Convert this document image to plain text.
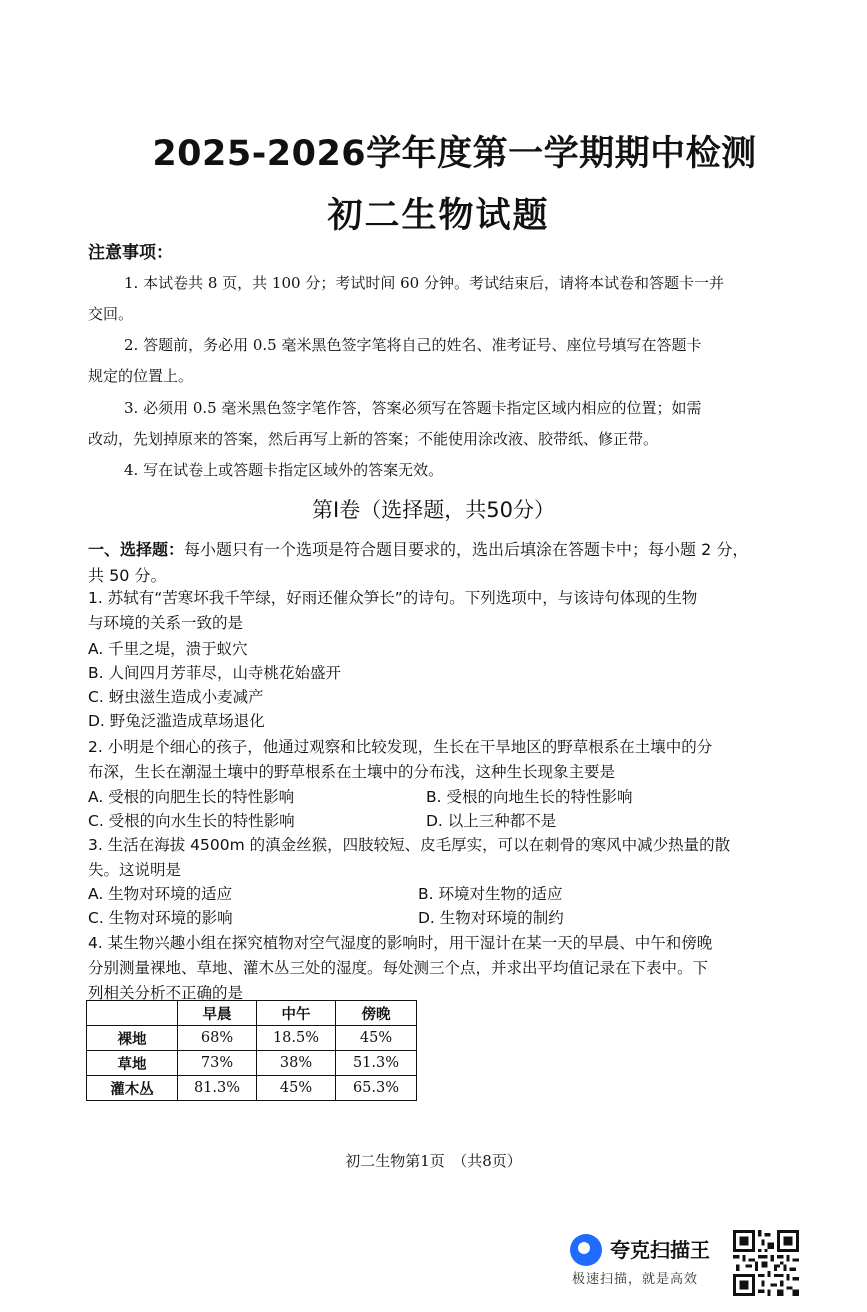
2025-2026学年度第一学期期中检测
初二生物试题
注意事项：
1. 本试卷共 8 页，共 100 分；考试时间 60 分钟。考试结束后，请将本试卷和答题卡一并
交回。
2. 答题前，务必用 0.5 毫米黑色签字笔将自己的姓名、准考证号、座位号填写在答题卡
规定的位置上。
3. 必须用 0.5 毫米黑色签字笔作答，答案必须写在答题卡指定区域内相应的位置；如需
改动，先划掉原来的答案，然后再写上新的答案；不能使用涂改液、胶带纸、修正带。
4. 写在试卷上或答题卡指定区域外的答案无效。
第Ⅰ卷（选择题，共50分）
一、选择题：每小题只有一个选项是符合题目要求的，选出后填涂在答题卡中；每小题 2 分，
共 50 分。
1. 苏轼有“苦寒坏我千竿绿，好雨还催众笋长”的诗句。下列选项中，与该诗句体现的生物
与环境的关系一致的是
A. 千里之堤，溃于蚁穴
B. 人间四月芳菲尽，山寺桃花始盛开
C. 蚜虫滋生造成小麦减产
D. 野兔泛滥造成草场退化
2. 小明是个细心的孩子，他通过观察和比较发现，生长在干旱地区的野草根系在土壤中的分
布深，生长在潮湿土壤中的野草根系在土壤中的分布浅，这种生长现象主要是
A. 受根的向肥生长的特性影响	B. 受根的向地生长的特性影响
C. 受根的向水生长的特性影响	D. 以上三种都不是
3. 生活在海拔 4500m 的滇金丝猴，四肢较短、皮毛厚实，可以在刺骨的寒风中减少热量的散
失。这说明是
A. 生物对环境的适应	B. 环境对生物的适应
C. 生物对环境的影响	D. 生物对环境的制约
4. 某生物兴趣小组在探究植物对空气湿度的影响时，用干湿计在某一天的早晨、中午和傍晚
分别测量裸地、草地、灌木丛三处的湿度。每处测三个点，并求出平均值记录在下表中。下
列相关分析不正确的是
	早晨	中午	傍晚
裸地	68%	18.5%	45%
草地	73%	38%	51.3%
灌木丛	81.3%	45%	65.3%
初二生物第1页　（共8页）
夸克扫描王
极速扫描，就是高效
